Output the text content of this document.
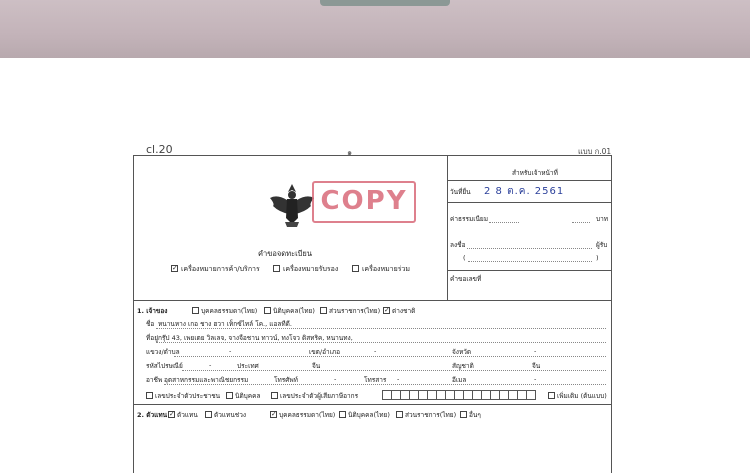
cl.20	๑	แบบ ก.01
สำหรับเจ้าหน้าที่
วันที่ยื่น 2 8 ต.ค. 2561
ค่าธรรมเนียม	บาท
ลงชื่อ	ผู้รับ
(	)
คำขอเลขที่
COPY
คำขอจดทะเบียน
✓ เครื่องหมายการค้า/บริการ	เครื่องหมายรับรอง	เครื่องหมายร่วม
1. เจ้าของ	บุคคลธรรมดา(ไทย) นิติบุคคล(ไทย) ส่วนราชการ(ไทย) ✓ ต่างชาติ
ชื่อ หนานหาง เกอ ชาง ฮวา เท็กซ์ไทล์ โค., แอลทีดี.
ที่อยู่ กรุ๊ป 43, เพยเตย วิลเลจ, จางจือชาน ทาวน์, ทงโจว ดิสทริค, หนานทง,
แขวง/ตำบล	-	เขต/อำเภอ	-	จังหวัด	-
รหัสไปรษณีย์	-	ประเทศ	จีน	สัญชาติ	จีน
อาชีพ อุตสาหกรรมและพาณิชยกรรม	โทรศัพท์	-	โทรสาร -	อีเมล	-
เลขประจำตัวประชาชน นิติบุคคล	เลขประจำตัวผู้เสียภาษีอากร	เพิ่มเติม (ต้นแบบ)
2. ตัวแทน ✓ ตัวแทน ตัวแทนช่วง	✓ บุคคลธรรมดา(ไทย) นิติบุคคล(ไทย) ส่วนราชการ(ไทย) อื่นๆ
